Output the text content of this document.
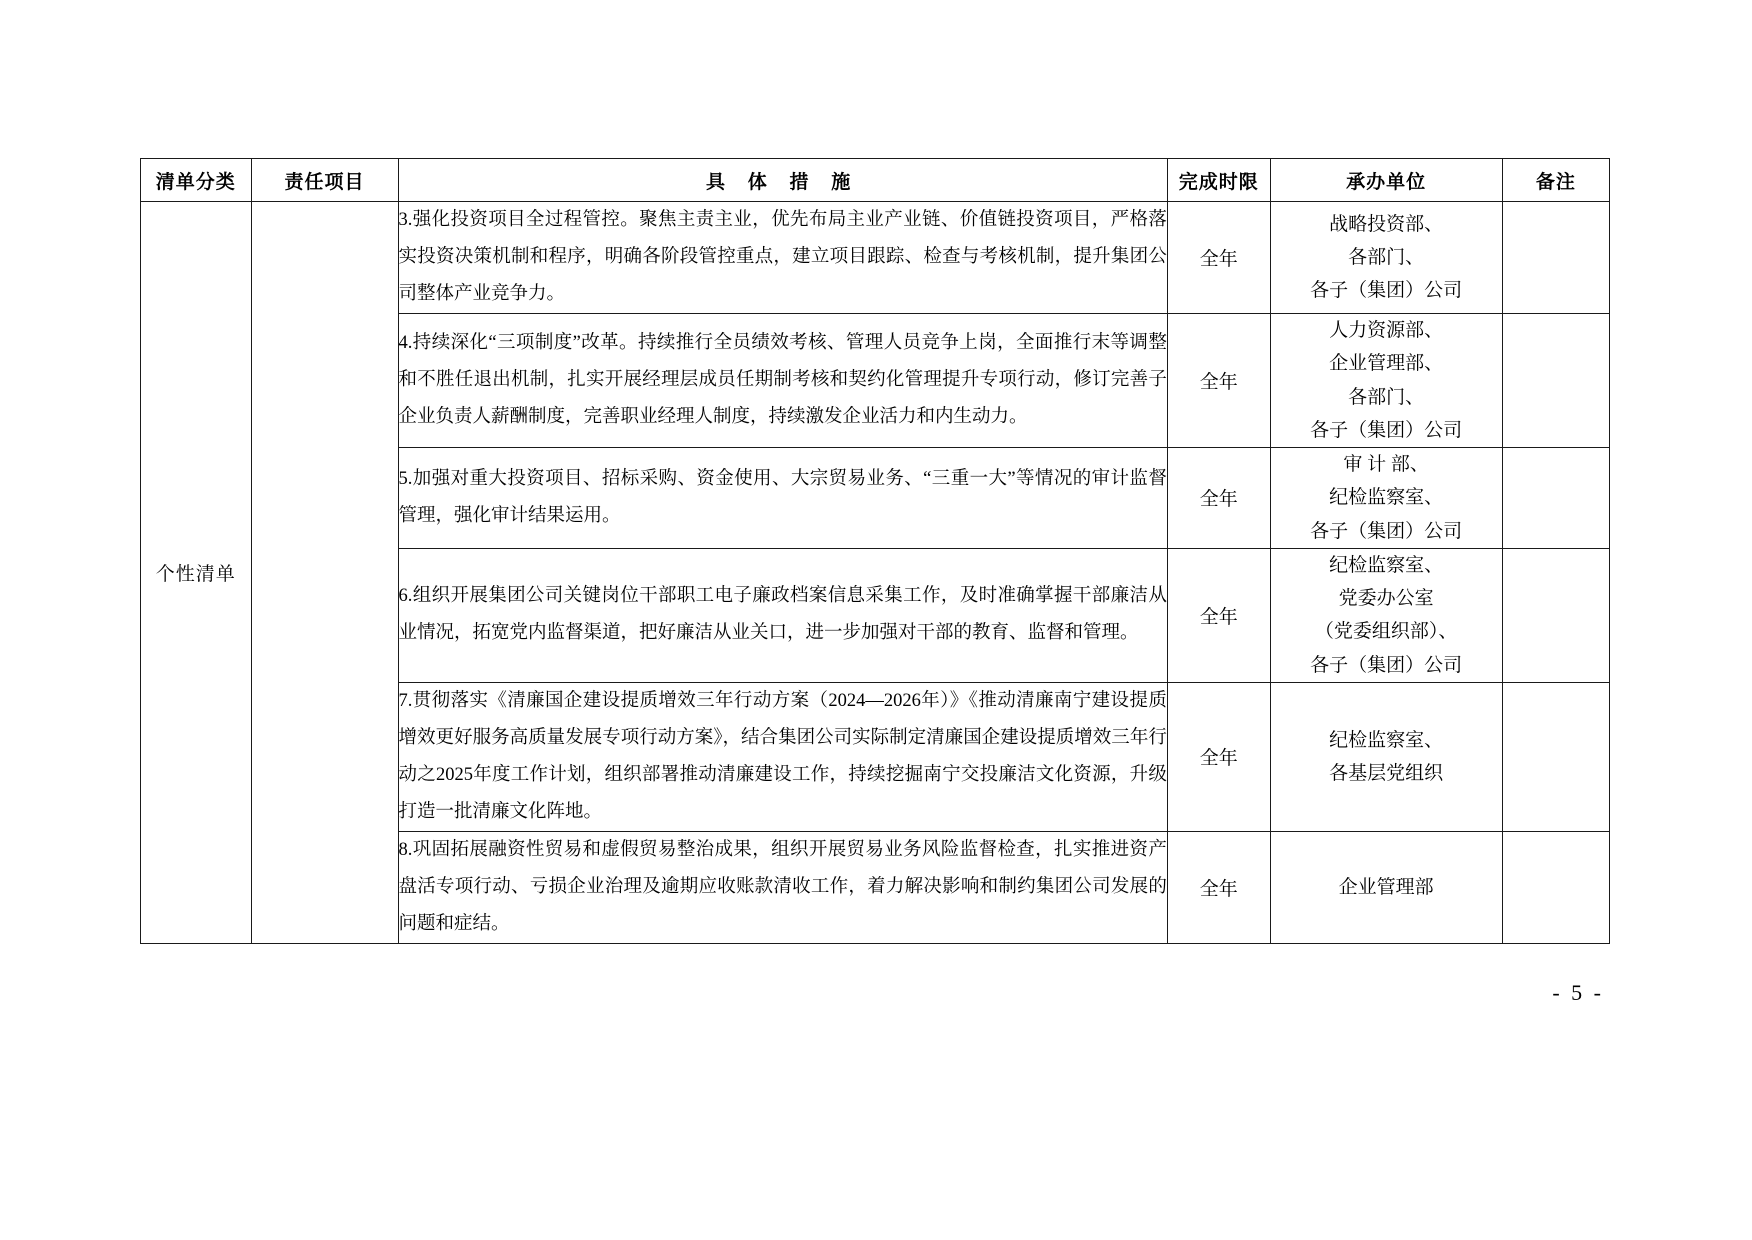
清单分类	责任项目	具 体 措 施	完成时限	承办单位	备注
个性清单		3.强化投资项目全过程管控。聚焦主责主业，优先布局主业产业链、价值链投资项目，严格落实投资决策机制和程序，明确各阶段管控重点，建立项目跟踪、检查与考核机制，提升集团公司整体产业竞争力。	全年	战略投资部、
各部门、
各子（集团）公司	

		4.持续深化“三项制度”改革。持续推行全员绩效考核、管理人员竞争上岗，全面推行末等调整和不胜任退出机制，扎实开展经理层成员任期制考核和契约化管理提升专项行动，修订完善子企业负责人薪酬制度，完善职业经理人制度，持续激发企业活力和内生动力。	全年	人力资源部、
企业管理部、
各部门、
各子（集团）公司	

		5.加强对重大投资项目、招标采购、资金使用、大宗贸易业务、“三重一大”等情况的审计监督管理，强化审计结果运用。	全年	审 计 部、
纪检监察室、
各子（集团）公司	

		6.组织开展集团公司关键岗位干部职工电子廉政档案信息采集工作，及时准确掌握干部廉洁从业情况，拓宽党内监督渠道，把好廉洁从业关口，进一步加强对干部的教育、监督和管理。	全年	纪检监察室、
党委办公室
（党委组织部）、
各子（集团）公司	

		7.贯彻落实《清廉国企建设提质增效三年行动方案（2024—2026年）》《推动清廉南宁建设提质增效更好服务高质量发展专项行动方案》，结合集团公司实际制定清廉国企建设提质增效三年行动之2025年度工作计划，组织部署推动清廉建设工作，持续挖掘南宁交投廉洁文化资源，升级打造一批清廉文化阵地。	全年	纪检监察室、
各基层党组织	

		8.巩固拓展融资性贸易和虚假贸易整治成果，组织开展贸易业务风险监督检查，扎实推进资产盘活专项行动、亏损企业治理及逾期应收账款清收工作，着力解决影响和制约集团公司发展的问题和症结。	全年	企业管理部	

- 5 -
